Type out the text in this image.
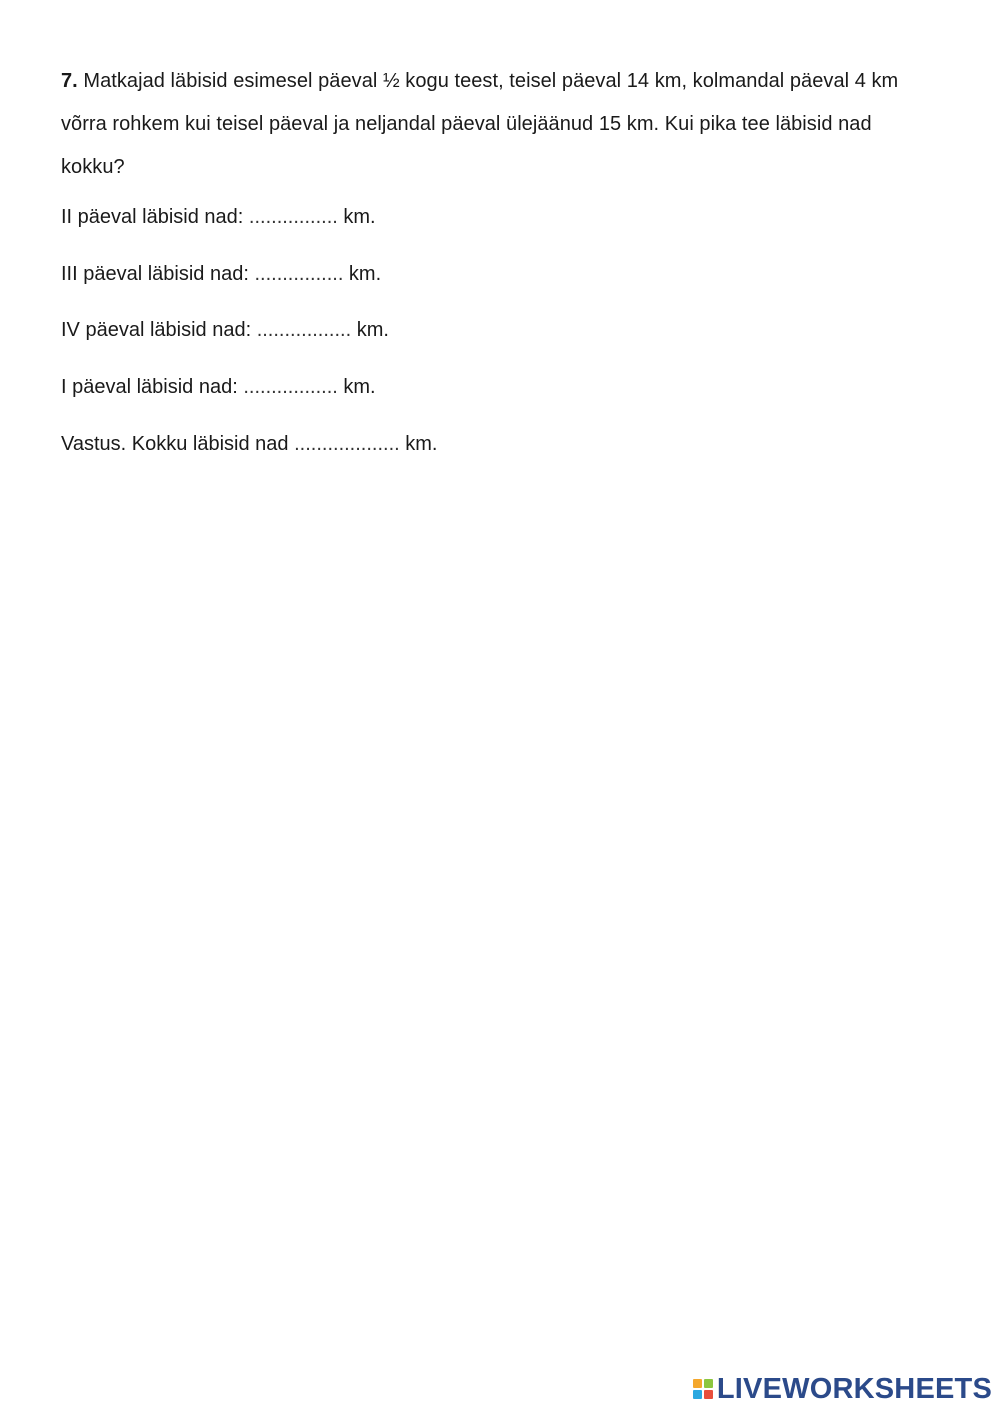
7. Matkajad läbisid esimesel päeval ½ kogu teest, teisel päeval 14 km, kolmandal päeval 4 km võrra rohkem kui teisel päeval ja neljandal päeval ülejäänud 15 km. Kui pika tee läbisid nad kokku?
II päeval läbisid nad: ................ km.
III päeval läbisid nad: ................ km.
IV päeval läbisid nad: ................. km.
I päeval läbisid nad: ................. km.
Vastus. Kokku läbisid nad ................... km.
LIVEWORKSHEETS
